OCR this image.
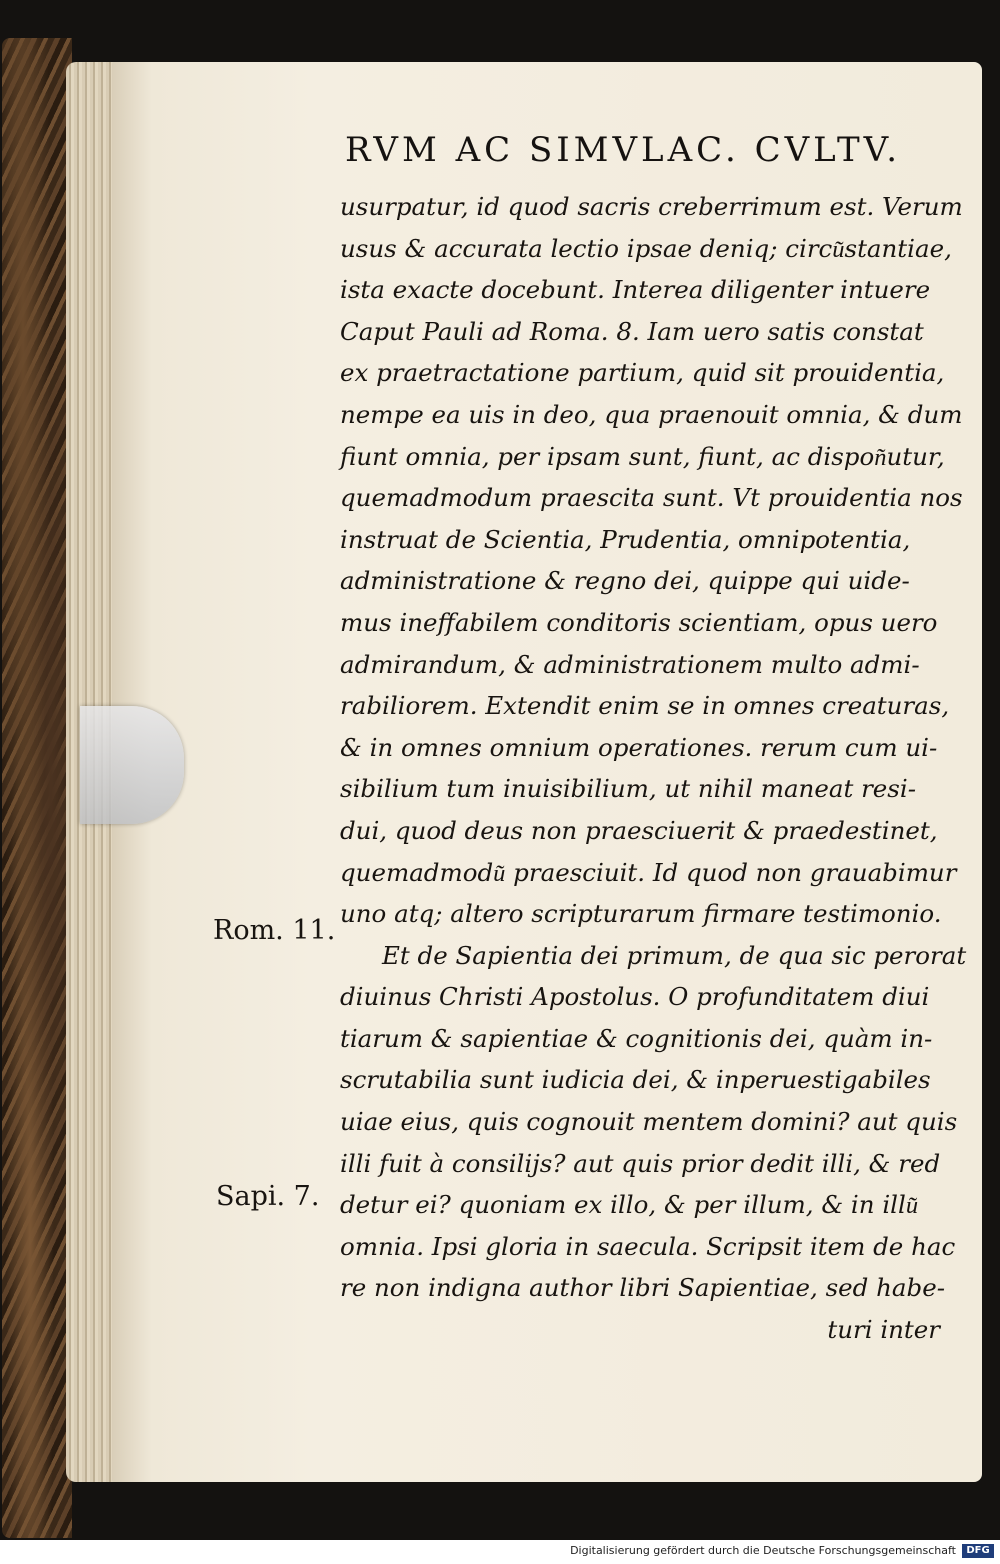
RVM AC SIMVLAC. CVLTV.
usurpatur, id quod sacris creberrimum est. Verum
usus & accurata lectio ipsae deniq; circu͂stantiae,
ista exacte docebunt. Interea diligenter intuere
Caput Pauli ad Roma. 8. Iam uero satis constat
ex praetractatione partium, quid sit prouidentia,
nempe ea uis in deo, qua praenouit omnia, & dum
fiunt omnia, per ipsam sunt, fiunt, ac dispon͂utur,
quemadmodum praescita sunt. Vt prouidentia nos
instruat de Scientia, Prudentia, omnipotentia,
administratione & regno dei, quippe qui uide-
mus ineffabilem conditoris scientiam, opus uero
admirandum, & administrationem multo admi-
rabiliorem. Extendit enim se in omnes creaturas,
& in omnes omnium operationes. rerum cum ui-
sibilium tum inuisibilium, ut nihil maneat resi-
dui, quod deus non praesciuerit & praedestinet,
quemadmodu͂ praesciuit. Id quod non grauabimur
uno atq; altero scripturarum firmare testimonio.
Et de Sapientia dei primum, de qua sic perorat
diuinus Christi Apostolus. O profunditatem diui
tiarum & sapientiae & cognitionis dei, quàm in-
scrutabilia sunt iudicia dei, & inperuestigabiles
uiae eius, quis cognouit mentem domini? aut quis
illi fuit à consilijs? aut quis prior dedit illi, & red
detur ei? quoniam ex illo, & per illum, & in illu͂
omnia. Ipsi gloria in saecula. Scripsit item de hac
re non indigna author libri Sapientiae, sed habe-
turi inter
Rom. 11.
Sapi. 7.
Digitalisierung gefördert durch die Deutsche Forschungsgemeinschaft	DFG
